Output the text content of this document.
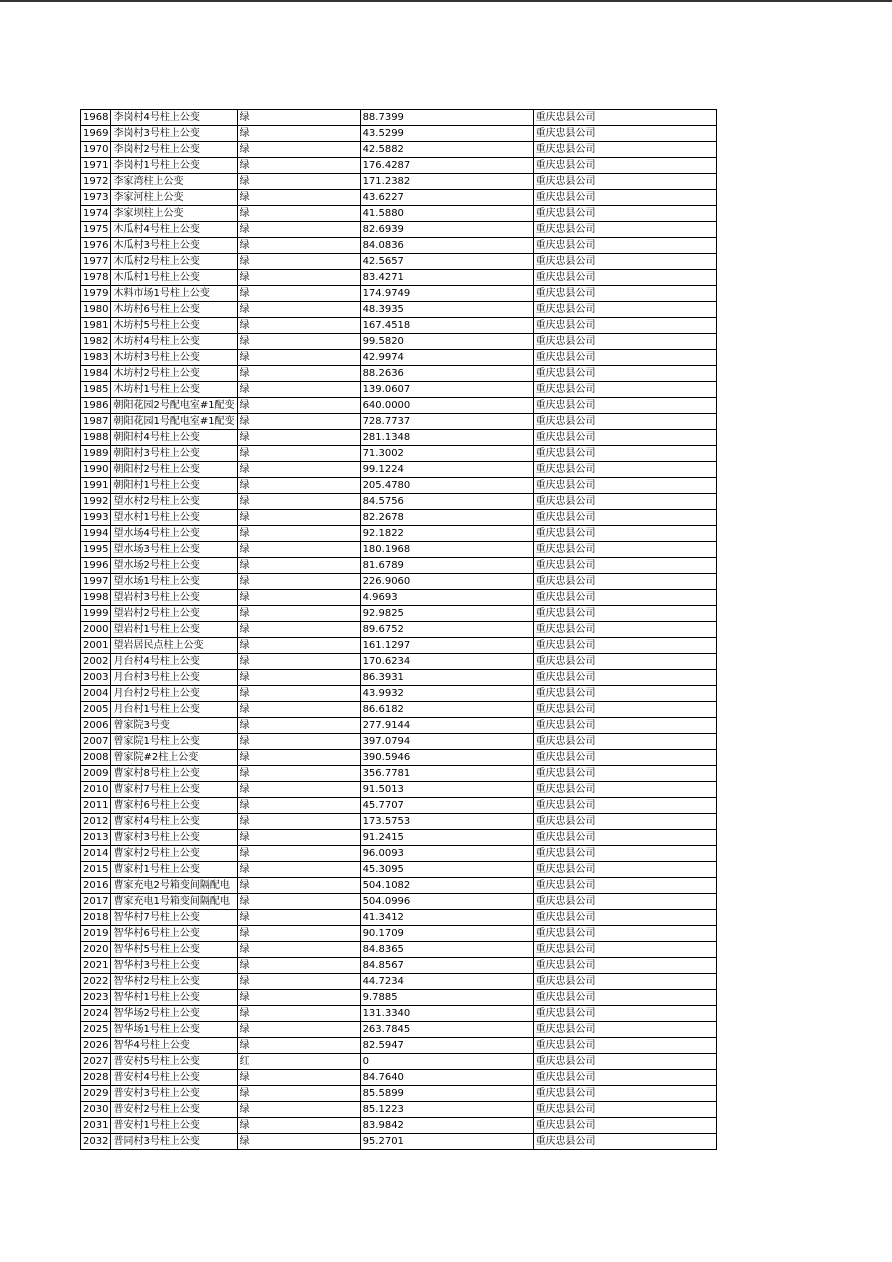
1968	李岗村4号柱上公变	绿	88.7399	重庆忠县公司
1969	李岗村3号柱上公变	绿	43.5299	重庆忠县公司
1970	李岗村2号柱上公变	绿	42.5882	重庆忠县公司
1971	李岗村1号柱上公变	绿	176.4287	重庆忠县公司
1972	李家湾柱上公变	绿	171.2382	重庆忠县公司
1973	李家河柱上公变	绿	43.6227	重庆忠县公司
1974	李家坝柱上公变	绿	41.5880	重庆忠县公司
1975	木瓜村4号柱上公变	绿	82.6939	重庆忠县公司
1976	木瓜村3号柱上公变	绿	84.0836	重庆忠县公司
1977	木瓜村2号柱上公变	绿	42.5657	重庆忠县公司
1978	木瓜村1号柱上公变	绿	83.4271	重庆忠县公司
1979	木料市场1号柱上公变	绿	174.9749	重庆忠县公司
1980	木坊村6号柱上公变	绿	48.3935	重庆忠县公司
1981	木坊村5号柱上公变	绿	167.4518	重庆忠县公司
1982	木坊村4号柱上公变	绿	99.5820	重庆忠县公司
1983	木坊村3号柱上公变	绿	42.9974	重庆忠县公司
1984	木坊村2号柱上公变	绿	88.2636	重庆忠县公司
1985	木坊村1号柱上公变	绿	139.0607	重庆忠县公司
1986	朝阳花园2号配电室#1配变	绿	640.0000	重庆忠县公司
1987	朝阳花园1号配电室#1配变	绿	728.7737	重庆忠县公司
1988	朝阳村4号柱上公变	绿	281.1348	重庆忠县公司
1989	朝阳村3号柱上公变	绿	71.3002	重庆忠县公司
1990	朝阳村2号柱上公变	绿	99.1224	重庆忠县公司
1991	朝阳村1号柱上公变	绿	205.4780	重庆忠县公司
1992	望水村2号柱上公变	绿	84.5756	重庆忠县公司
1993	望水村1号柱上公变	绿	82.2678	重庆忠县公司
1994	望水场4号柱上公变	绿	92.1822	重庆忠县公司
1995	望水场3号柱上公变	绿	180.1968	重庆忠县公司
1996	望水场2号柱上公变	绿	81.6789	重庆忠县公司
1997	望水场1号柱上公变	绿	226.9060	重庆忠县公司
1998	望岩村3号柱上公变	绿	4.9693	重庆忠县公司
1999	望岩村2号柱上公变	绿	92.9825	重庆忠县公司
2000	望岩村1号柱上公变	绿	89.6752	重庆忠县公司
2001	望岩居民点柱上公变	绿	161.1297	重庆忠县公司
2002	月台村4号柱上公变	绿	170.6234	重庆忠县公司
2003	月台村3号柱上公变	绿	86.3931	重庆忠县公司
2004	月台村2号柱上公变	绿	43.9932	重庆忠县公司
2005	月台村1号柱上公变	绿	86.6182	重庆忠县公司
2006	曾家院3号变	绿	277.9144	重庆忠县公司
2007	曾家院1号柱上公变	绿	397.0794	重庆忠县公司
2008	曾家院#2柱上公变	绿	390.5946	重庆忠县公司
2009	曹家村8号柱上公变	绿	356.7781	重庆忠县公司
2010	曹家村7号柱上公变	绿	91.5013	重庆忠县公司
2011	曹家村6号柱上公变	绿	45.7707	重庆忠县公司
2012	曹家村4号柱上公变	绿	173.5753	重庆忠县公司
2013	曹家村3号柱上公变	绿	91.2415	重庆忠县公司
2014	曹家村2号柱上公变	绿	96.0093	重庆忠县公司
2015	曹家村1号柱上公变	绿	45.3095	重庆忠县公司
2016	曹家充电2号箱变间隔配电	绿	504.1082	重庆忠县公司
2017	曹家充电1号箱变间隔配电	绿	504.0996	重庆忠县公司
2018	智华村7号柱上公变	绿	41.3412	重庆忠县公司
2019	智华村6号柱上公变	绿	90.1709	重庆忠县公司
2020	智华村5号柱上公变	绿	84.8365	重庆忠县公司
2021	智华村3号柱上公变	绿	84.8567	重庆忠县公司
2022	智华村2号柱上公变	绿	44.7234	重庆忠县公司
2023	智华村1号柱上公变	绿	9.7885	重庆忠县公司
2024	智华场2号柱上公变	绿	131.3340	重庆忠县公司
2025	智华场1号柱上公变	绿	263.7845	重庆忠县公司
2026	智华4号柱上公变	绿	82.5947	重庆忠县公司
2027	普安村5号柱上公变	红	0	重庆忠县公司
2028	普安村4号柱上公变	绿	84.7640	重庆忠县公司
2029	普安村3号柱上公变	绿	85.5899	重庆忠县公司
2030	普安村2号柱上公变	绿	85.1223	重庆忠县公司
2031	普安村1号柱上公变	绿	83.9842	重庆忠县公司
2032	普同村3号柱上公变	绿	95.2701	重庆忠县公司
